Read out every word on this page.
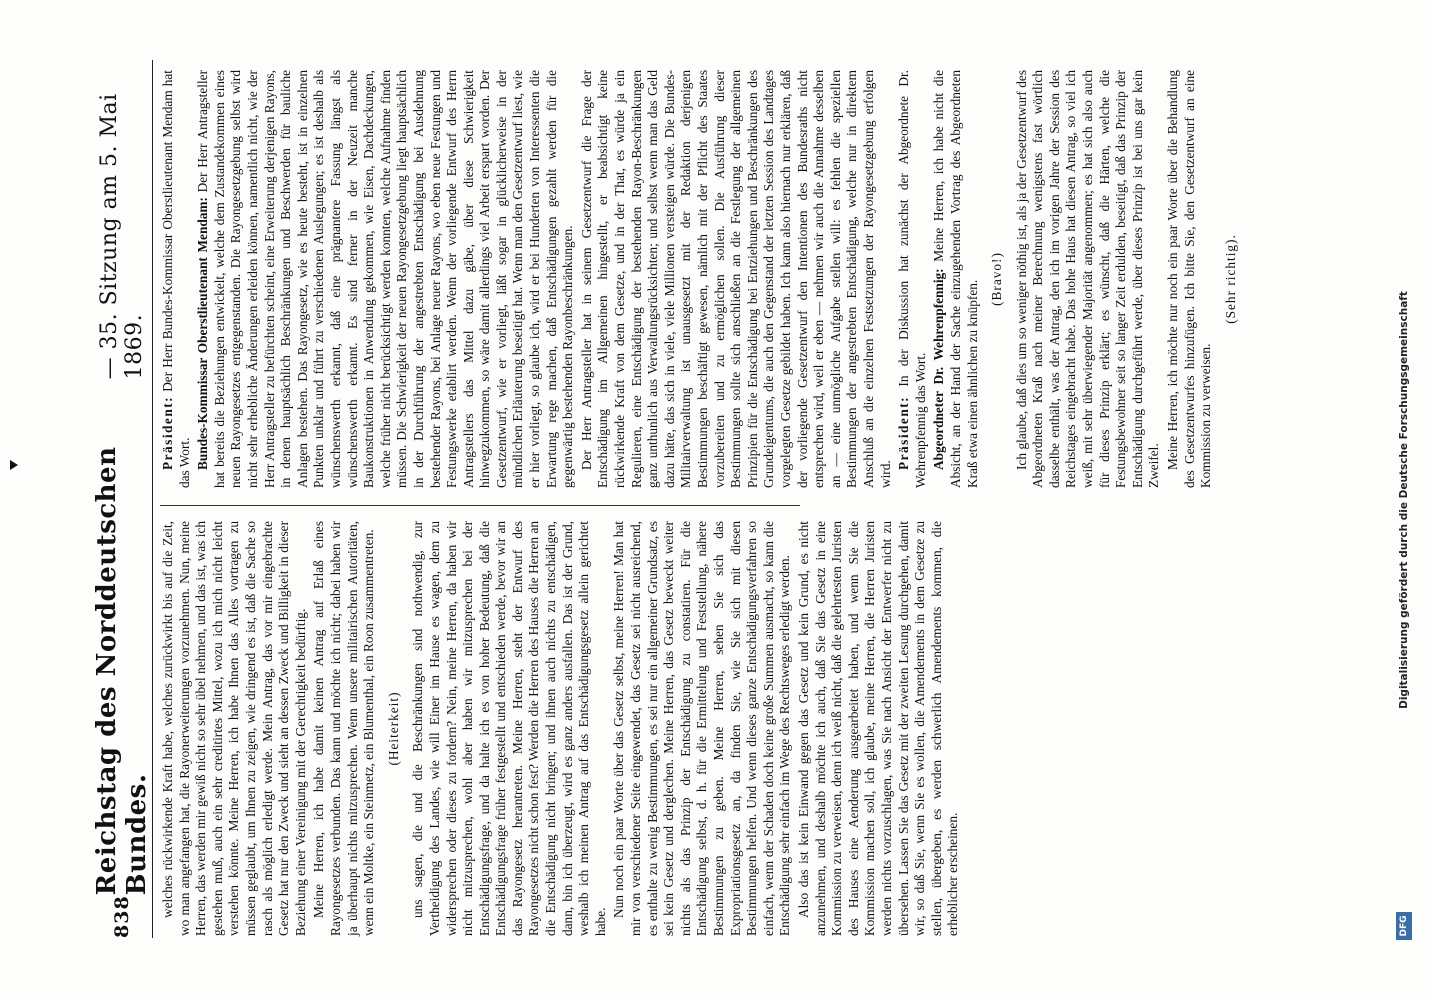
838
Reichstag des Norddeutschen Bundes.
— 35. Sitzung am 5. Mai 1869.

welches rückwirkende Kraft habe, welches zurückwirkt bis auf die Zeit, wo man angefangen hat, die Rayonerweiterungen vorzunehmen. Nun, meine Herren, das werden mir gewiß nicht so sehr übel nehmen, und das ist, was ich gestehen muß, auch ein sehr creditirtes Mittel, wozu ich mich nicht leicht verstehen könnte. Meine Herren, ich habe Ihnen das Alles vortragen zu müssen geglaubt, um Ihnen zu zeigen, wie dringend es ist, daß die Sache so rasch als möglich erledigt werde. Mein Antrag, das vor mir eingebrachte Gesetz hat nur den Zweck und sieht an dessen Zweck und Billigkeit in dieser Beziehung einer Vereinigung mit der Gerechtigkeit bedürftig. Meine Herren, ich habe damit keinen Antrag auf Erlaß eines Rayongesetzes verbunden. Das kann und möchte ich nicht; dabei haben wir ja überhaupt nichts mitzusprechen. Wenn unsere militairischen Autoritäten, wenn ein Moltke, ein Steinmetz, ein Blumenthal, ein Roon zusammentreten. (Heiterkeit) uns sagen, die und die Beschränkungen sind nothwendig, zur Vertheidigung des Landes, wie will Einer im Hause es wagen, dem zu widersprechen oder dieses zu fordern? Nein, meine Herren, da haben wir nicht mitzusprechen, wohl aber haben wir mitzusprechen bei der Entschädigungsfrage, und da halte ich es von hoher Bedeutung, daß die Entschädigungsfrage früher festgestellt und entschieden werde, bevor wir an das Rayongesetz herantreten. Meine Herren, steht der Entwurf des Rayongesetzes nicht schon fest? Werden die Herren des Hauses die Herren an die Entschädigung nicht bringen; und ihnen auch nichts zu entschädigen, dann, bin ich überzeugt, wird es ganz anders ausfallen. Das ist der Grund, weshalb ich meinen Antrag auf das Entschädigungsgesetz allein gerichtet habe.

Nun noch ein paar Worte über das Gesetz selbst, meine Herren! Man hat mir von verschiedener Seite eingewendet, das Gesetz sei nicht ausreichend, es enthalte zu wenig Bestimmungen, es sei nur ein allgemeiner Grundsatz, es sei kein Gesetz und derglechen. Meine Herren, das Gesetz beweckt weiter nichts als das Prinzip der Entschädigung zu constatiren. Für die Entschädigung selbst, d. h. für die Ermittelung und Feststellung, nähere Bestimmungen zu geben. Meine Herren, sehen Sie sich das Expropriationsgesetz an, da finden Sie, wie Sie sich mit diesen Bestimmungen helfen. Und wenn dieses ganze Entschädigungsverfahren so einfach, wenn der Schaden doch keine große Summen ausmacht, so kann die Entschädigung sehr einfach im Wege des Rechtsweges erledigt werden. Also das ist kein Einwand gegen das Gesetz und kein Grund, es nicht anzunehmen, und deshalb möchte ich auch, daß Sie das Gesetz in eine Kommission zu verweisen, denn ich weiß nicht, daß die gelehrtesten Juristen des Hauses eine Aenderung ausgearbeitet haben, und wenn Sie die Kommission machen soll, ich glaube, meine Herren, die Herren Juristen werden nichts vorzuschlagen, was Sie nach Ansicht der Entwerfer nicht zu übersehen. Lassen Sie das Gesetz mit der zweiten Lesung durchgehen, damit wir, so daß Sie, wenn Sie es wollen, die Amendements in dem Gesetze zu stellen, übergeben, es werden schwerlich Amendements kommen, die erheblicher erscheinen.

Präsident: Der Herr Bundes-Kommissar Oberstlieutenant Mendam hat das Wort. Bundes-Kommissar Oberstlieutenant Mendam: Der Herr Antragsteller hat bereits die Beziehungen entwickelt, welche dem Zustandekommen eines neuen Rayongesetzes entgegenstanden. Die Rayongesetzgebung selbst wird nicht sehr erhebliche Änderungen erleiden können, namentlich nicht, wie der Herr Antragsteller zu befürchten scheint, eine Erweiterung derjenigen Rayons, in denen hauptsächlich Beschränkungen und Beschwerden für bauliche Anlagen bestehen. Das Rayongesetz, wie es heute besteht, ist in einzelnen Punkten unklar und führt zu verschiedenen Auslegungen; es ist deshalb als wünschenswerth erkannt, daß eine prägnantere Fassung längst als wünschenswerth erkannt. Es sind ferner in der Neuzeit manche Baukonstruktionen in Anwendung gekommen, wie Eisen, Dachdeckungen, welche früher nicht berücksichtigt werden konnten, welche Aufnahme finden müssen. Die Schwierigkeit der neuen Rayongesetzgebung liegt hauptsächlich in der Durchführung der angestrebten Entschädigung bei Ausdehnung bestehender Rayons, bei Anlage neuer Rayons, wo eben neue Festungen und Festungswerke etablirt werden. Wenn der vorliegende Entwurf des Herrn Antragstellers das Mittel dazu gäbe, über diese Schwierigkeit hinwegzukommen, so wäre damit allerdings viel Arbeit erspart worden. Der Gesetzentwurf, wie er vorliegt, läßt sogar in glücklicherweise in der mündlichen Erläuterung beseitigt hat. Wenn man den Gesetzentwurf liest, wie er hier vorliegt, so glaube ich, wird er bei Hunderten von Interessenten die Erwartung rege machen, daß Entschädigungen gezahlt werden für die gegenwärtig bestehenden Rayonbeschränkungen. Der Herr Antragsteller hat in seinem Gesetzentwurf die Frage der Entschädigung im Allgemeinen hingestellt, er beabsichtigt keine rückwirkende Kraft von dem Gesetze, und in der That, es würde ja ein Regulieren, eine Entschädigung der bestehenden Rayon-Beschränkungen ganz unthunlich aus Verwaltungsrücksichten; und selbst wenn man das Geld dazu hätte, das sich in viele, viele Millionen versteigen würde. Die Bundes-Militairverwaltung ist unausgesetzt mit der Redaktion derjenigen Bestimmungen beschäftigt gewesen, nämlich mit der Pflicht des Staates vorzubereiten und zu ermöglichen sollen. Die Ausführung dieser Bestimmungen sollte sich anschließen an die Festlegung der allgemeinen Prinzipien für die Entschädigung bei Entziehungen und Beschränkungen des Grundeigentums, die auch den Gegenstand der letzten Session des Landtages vorgelegten Gesetze gebildet haben. Ich kann also hiernach nur erklären, daß der vorliegende Gesetzentwurf den Intentionen des Bundesraths nicht entsprechen wird, weil er eben — nehmen wir auch die Annahme desselben an — eine unmögliche Aufgabe stellen will: es fehlen die speziellen Bestimmungen der angestrebten Entschädigung, welche nur in direktem Anschluß an die einzelnen Festsetzungen der Rayongesetzgebung erfolgen wird.

Präsident: In der Diskussion hat zunächst der Abgeordnete Dr. Wehrenpfennig das Wort. Abgeordneter Dr. Wehrenpfennig: Meine Herren, ich habe nicht die Absicht, an der Hand der Sache einzugehenden Vortrag des Abgeordneten Kraß etwa einen ähnlichen zu knüpfen.

(Bravo!) Ich glaube, daß dies um so weniger nöthig ist, als ja der Gesetzentwurf des Abgeordneten Kraß nach meiner Berechnung wenigstens fast wörtlich dasselbe enthält, was der Antrag, den ich im vorigen Jahre der Session des Reichstages eingebracht habe. Das hohe Haus hat diesen Antrag, so viel ich weiß, mit sehr überwiegender Majorität angenommen; es hat sich also auch für dieses Prinzip erklärt; es wünscht, daß die Härten, welche die Festungsbewohner seit so langer Zeit erdulden, beseitigt, daß das Prinzip der Entschädigung durchgeführt werde, über dieses Prinzip ist bei uns gar kein Zweifel. Meine Herren, ich möchte nur noch ein paar Worte über die Behandlung des Gesetzentwurfes hinzufügen. Ich bitte Sie, den Gesetzentwurf an eine Kommission zu verweisen.

(Sehr richtig).

Digitalisierung gefördert durch die Deutsche Forschungsgemeinschaft
DFG
